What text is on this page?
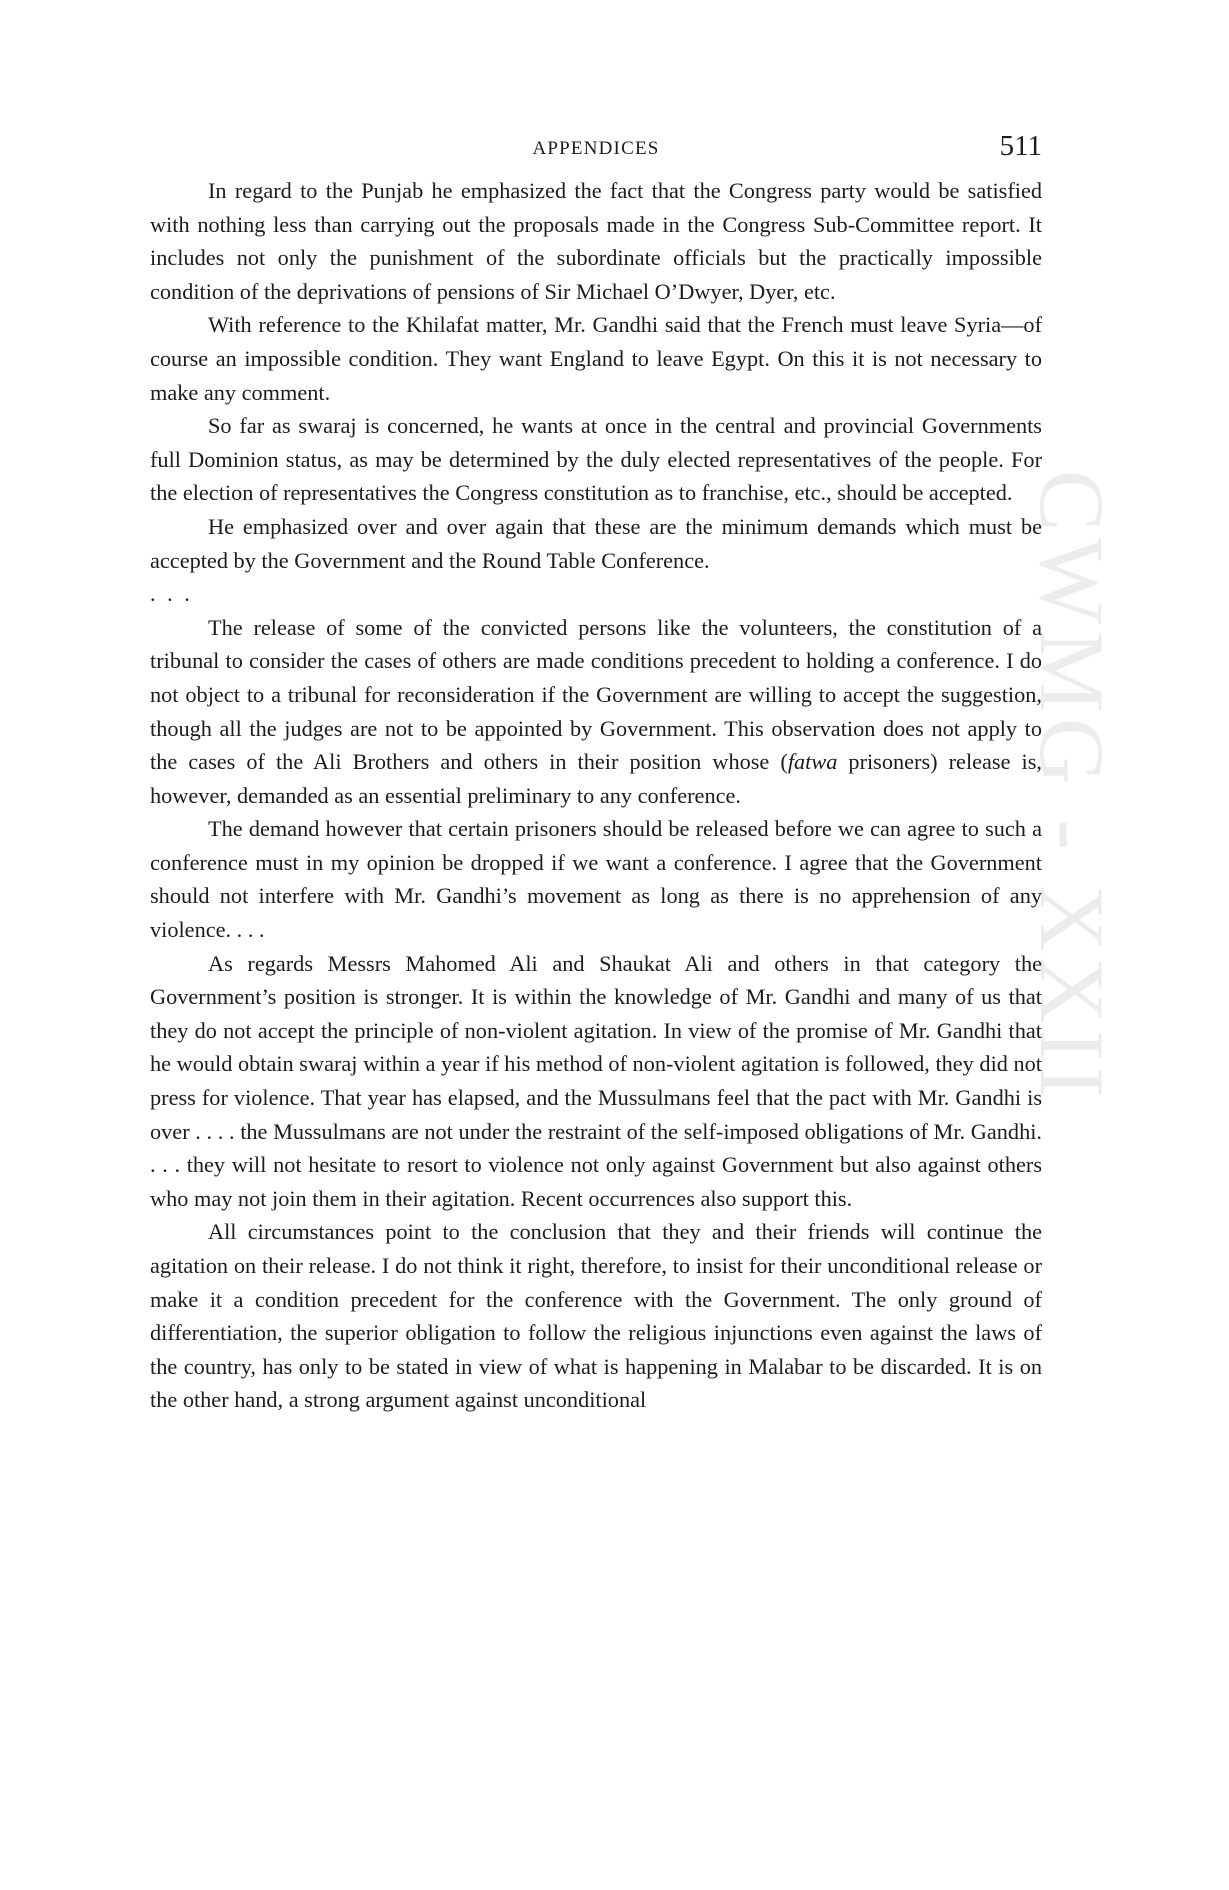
CWMG - XXII
APPENDICES	511

In regard to the Punjab he emphasized the fact that the Congress party would be satisfied with nothing less than carrying out the proposals made in the Congress Sub-Committee report. It includes not only the punishment of the subordinate officials but the practically impossible condition of the deprivations of pensions of Sir Michael O’Dwyer, Dyer, etc.

With reference to the Khilafat matter, Mr. Gandhi said that the French must leave Syria—of course an impossible condition. They want England to leave Egypt. On this it is not necessary to make any comment.

So far as swaraj is concerned, he wants at once in the central and provincial Governments full Dominion status, as may be determined by the duly elected representatives of the people. For the election of representatives the Congress constitution as to franchise, etc., should be accepted.

He emphasized over and over again that these are the minimum demands which must be accepted by the Government and the Round Table Conference.

. . .

The release of some of the convicted persons like the volunteers, the constitution of a tribunal to consider the cases of others are made conditions precedent to holding a conference. I do not object to a tribunal for reconsideration if the Government are willing to accept the suggestion, though all the judges are not to be appointed by Government. This observation does not apply to the cases of the Ali Brothers and others in their position whose (fatwa prisoners) release is, however, demanded as an essential preliminary to any conference.

The demand however that certain prisoners should be released before we can agree to such a conference must in my opinion be dropped if we want a conference. I agree that the Government should not interfere with Mr. Gandhi’s movement as long as there is no apprehension of any violence. . . .

As regards Messrs Mahomed Ali and Shaukat Ali and others in that category the Government’s position is stronger. It is within the knowledge of Mr. Gandhi and many of us that they do not accept the principle of non-violent agitation. In view of the promise of Mr. Gandhi that he would obtain swaraj within a year if his method of non-violent agitation is followed, they did not press for violence. That year has elapsed, and the Mussulmans feel that the pact with Mr. Gandhi is over . . . . the Mussulmans are not under the restraint of the self-imposed obligations of Mr. Gandhi. . . . they will not hesitate to resort to violence not only against Government but also against others who may not join them in their agitation. Recent occurrences also support this.

All circumstances point to the conclusion that they and their friends will continue the agitation on their release. I do not think it right, therefore, to insist for their unconditional release or make it a condition precedent for the conference with the Government. The only ground of differentiation, the superior obligation to follow the religious injunctions even against the laws of the country, has only to be stated in view of what is happening in Malabar to be discarded. It is on the other hand, a strong argument against unconditional
